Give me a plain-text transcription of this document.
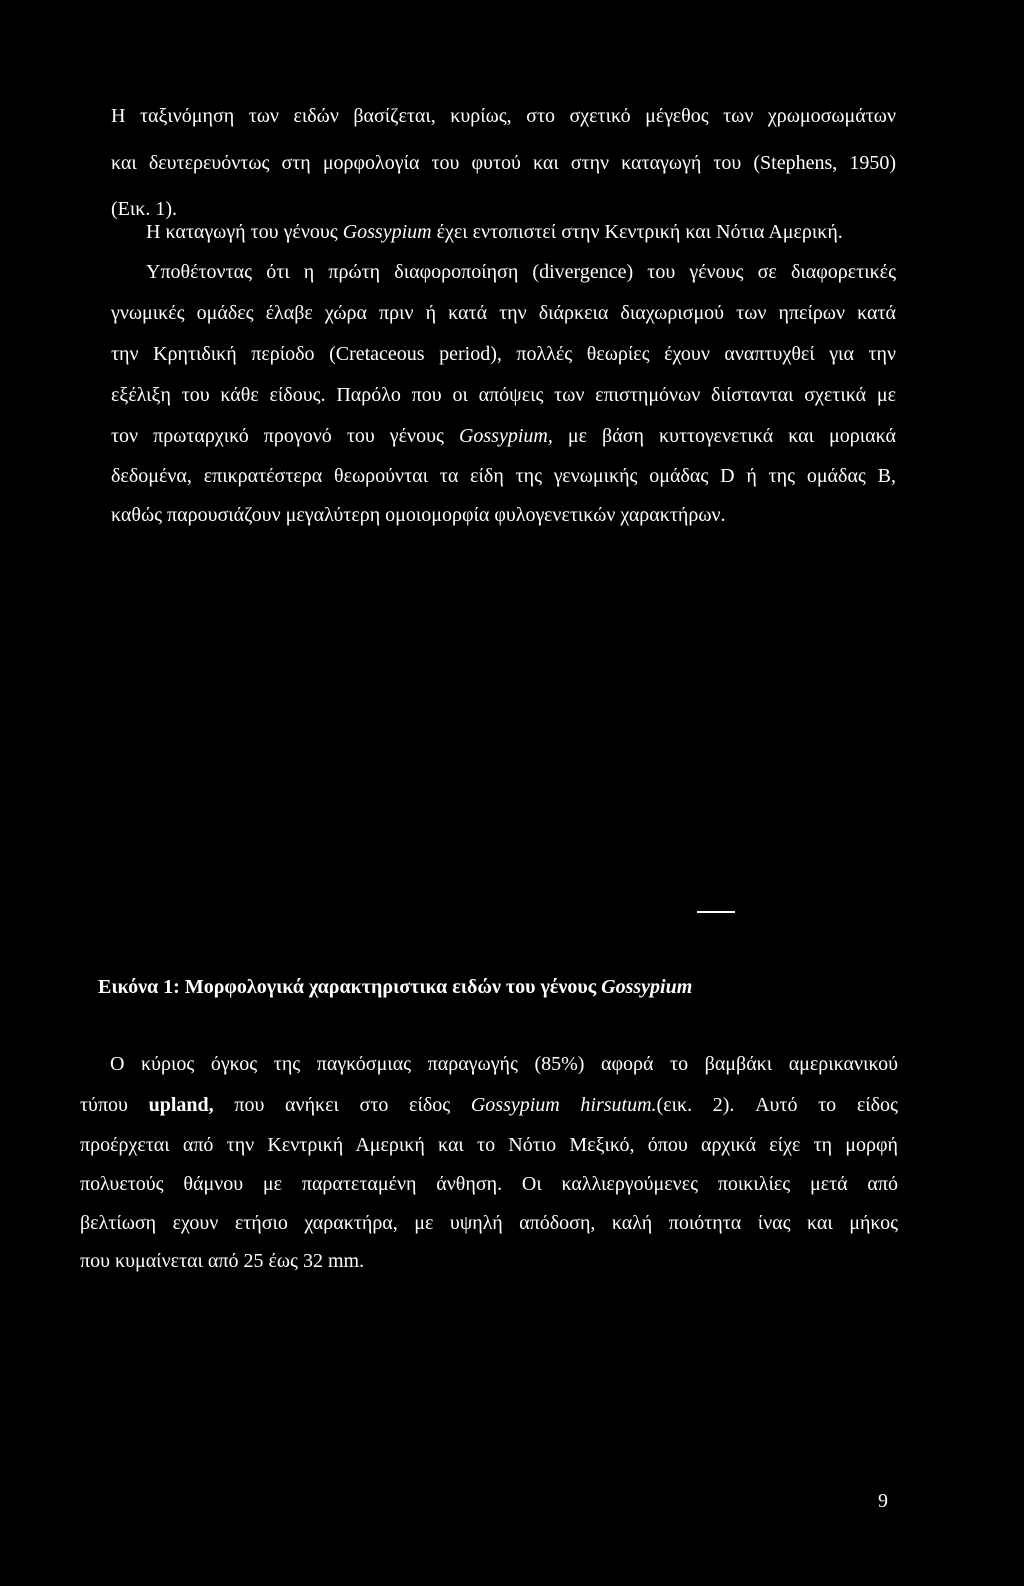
Η ταξινόμηση των ειδών βασίζεται, κυρίως, στο σχετικό μέγεθος των χρωμοσωμάτων
και δευτερευόντως στη μορφολογία του φυτού και στην καταγωγή του (Stephens, 1950)
(Εικ. 1).
Η καταγωγή του γένους Gossypium έχει εντοπιστεί στην Κεντρική και Νότια Αμερική.
Υποθέτοντας ότι η πρώτη διαφοροποίηση (divergence) του γένους σε διαφορετικές
γνωμικές ομάδες έλαβε χώρα πριν ή κατά την διάρκεια διαχωρισμού των ηπείρων κατά
την Κρητιδική περίοδο (Cretaceous period), πολλές θεωρίες έχουν αναπτυχθεί για την
εξέλιξη του κάθε είδους. Παρόλο που οι απόψεις των επιστημόνων διίστανται σχετικά με
τον πρωταρχικό προγονό του γένους Gossypium, με βάση κυττογενετικά και μοριακά
δεδομένα, επικρατέστερα θεωρούνται τα είδη της γενωμικής ομάδας D ή της ομάδας B,
καθώς παρουσιάζουν μεγαλύτερη ομοιομορφία φυλογενετικών χαρακτήρων.
Εικόνα 1: Μορφολογικά χαρακτηριστικα ειδών του γένους Gossypium
Ο κύριος όγκος της παγκόσμιας παραγωγής (85%) αφορά το βαμβάκι αμερικανικού
τύπου upland, που ανήκει στο είδος Gossypium hirsutum.(εικ. 2). Αυτό το είδος
προέρχεται από την Κεντρική Αμερική και το Νότιο Μεξικό, όπου αρχικά είχε τη μορφή
πολυετούς θάμνου με παρατεταμένη άνθηση. Οι καλλιεργούμενες ποικιλίες μετά από
βελτίωση εχουν ετήσιο χαρακτήρα, με υψηλή απόδοση, καλή ποιότητα ίνας και μήκος
που κυμαίνεται από 25 έως 32 mm.
9
